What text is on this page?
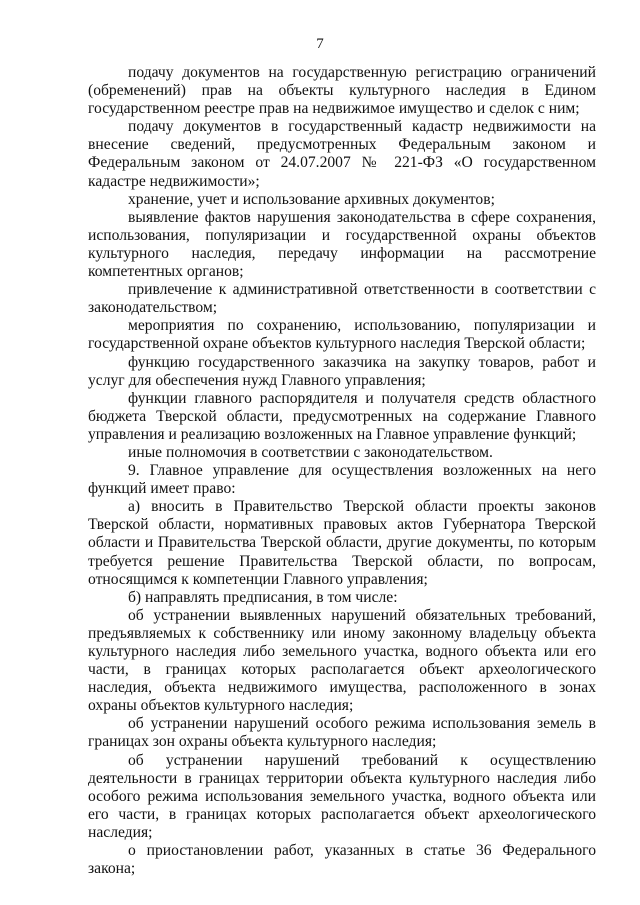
7

подачу документов на государственную регистрацию ограничений (обременений) прав на объекты культурного наследия в Едином государственном реестре прав на недвижимое имущество и сделок с ним;

подачу документов в государственный кадастр недвижимости на внесение сведений, предусмотренных Федеральным законом и Федеральным законом от 24.07.2007 № 221-ФЗ «О государственном кадастре недвижимости»;

хранение, учет и использование архивных документов;

выявление фактов нарушения законодательства в сфере сохранения, использования, популяризации и государственной охраны объектов культурного наследия, передачу информации на рассмотрение компетентных органов;

привлечение к административной ответственности в соответствии с законодательством;

мероприятия по сохранению, использованию, популяризации и государственной охране объектов культурного наследия Тверской области;

функцию государственного заказчика на закупку товаров, работ и услуг для обеспечения нужд Главного управления;

функции главного распорядителя и получателя средств областного бюджета Тверской области, предусмотренных на содержание Главного управления и реализацию возложенных на Главное управление функций;

иные полномочия в соответствии с законодательством.

9. Главное управление для осуществления возложенных на него функций имеет право:

а) вносить в Правительство Тверской области проекты законов Тверской области, нормативных правовых актов Губернатора Тверской области и Правительства Тверской области, другие документы, по которым требуется решение Правительства Тверской области, по вопросам, относящимся к компетенции Главного управления;

б) направлять предписания, в том числе:

об устранении выявленных нарушений обязательных требований, предъявляемых к собственнику или иному законному владельцу объекта культурного наследия либо земельного участка, водного объекта или его части, в границах которых располагается объект археологического наследия, объекта недвижимого имущества, расположенного в зонах охраны объектов культурного наследия;

об устранении нарушений особого режима использования земель в границах зон охраны объекта культурного наследия;

об устранении нарушений требований к осуществлению деятельности в границах территории объекта культурного наследия либо особого режима использования земельного участка, водного объекта или его части, в границах которых располагается объект археологического наследия;

о приостановлении работ, указанных в статье 36 Федерального закона;
